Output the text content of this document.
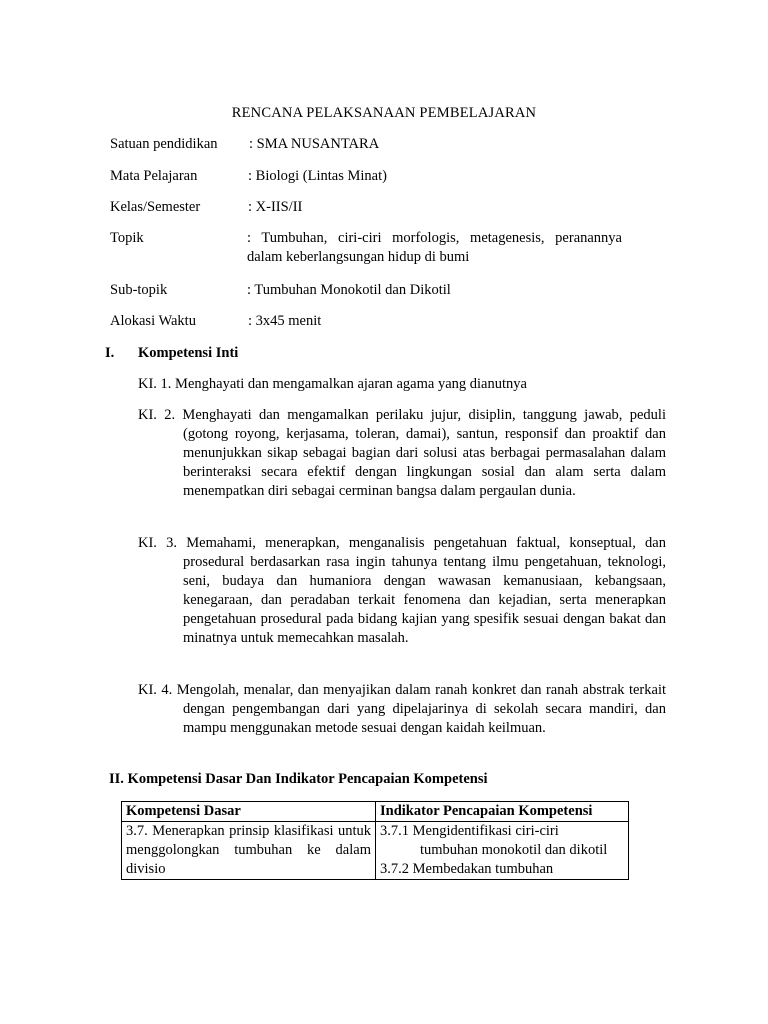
RENCANA PELAKSANAAN PEMBELAJARAN
Satuan pendidikan : SMA NUSANTARA
Mata Pelajaran	: Biologi (Lintas Minat)
Kelas/Semester	: X-IIS/II
Topik	: Tumbuhan, ciri-ciri morfologis, metagenesis, peranannya dalam keberlangsungan hidup di bumi
Sub-topik	: Tumbuhan Monokotil dan Dikotil
Alokasi Waktu	: 3x45 menit
I. Kompetensi Inti
KI. 1. Menghayati dan mengamalkan ajaran agama yang dianutnya
KI. 2. Menghayati dan mengamalkan perilaku jujur, disiplin, tanggung jawab, peduli (gotong royong, kerjasama, toleran, damai), santun, responsif dan proaktif dan menunjukkan sikap sebagai bagian dari solusi atas berbagai permasalahan dalam berinteraksi secara efektif dengan lingkungan sosial dan alam serta dalam menempatkan diri sebagai cerminan bangsa dalam pergaulan dunia.
KI. 3. Memahami, menerapkan, menganalisis pengetahuan faktual, konseptual, dan prosedural berdasarkan rasa ingin tahunya tentang ilmu pengetahuan, teknologi, seni, budaya dan humaniora dengan wawasan kemanusiaan, kebangsaan, kenegaraan, dan peradaban terkait fenomena dan kejadian, serta menerapkan pengetahuan prosedural pada bidang kajian yang spesifik sesuai dengan bakat dan minatnya untuk memecahkan masalah.
KI. 4. Mengolah, menalar, dan menyajikan dalam ranah konkret dan ranah abstrak terkait dengan pengembangan dari yang dipelajarinya di sekolah secara mandiri, dan mampu menggunakan metode sesuai dengan kaidah keilmuan.
II. Kompetensi Dasar Dan Indikator Pencapaian Kompetensi
Kompetensi Dasar	Indikator Pencapaian Kompetensi
3.7. Menerapkan prinsip klasifikasi untuk menggolongkan tumbuhan ke dalam divisio	3.7.1 Mengidentifikasi ciri-ciri
tumbuhan monokotil dan dikotil
3.7.2 Membedakan tumbuhan
